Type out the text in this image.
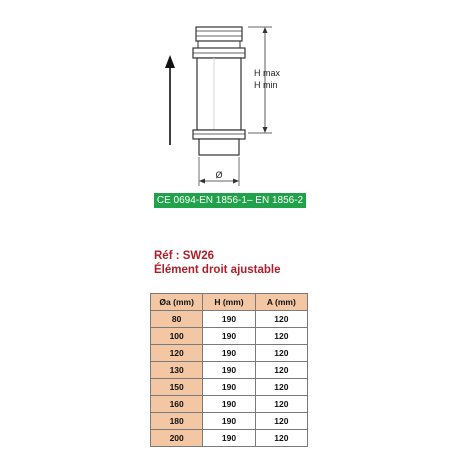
H max
H min
Ø
CE 0694-EN 1856-1– EN 1856-2
Réf : SW26
Élément droit ajustable
Øa (mm)	H (mm)	A (mm)
80	190	120
100	190	120
120	190	120
130	190	120
150	190	120
160	190	120
180	190	120
200	190	120
